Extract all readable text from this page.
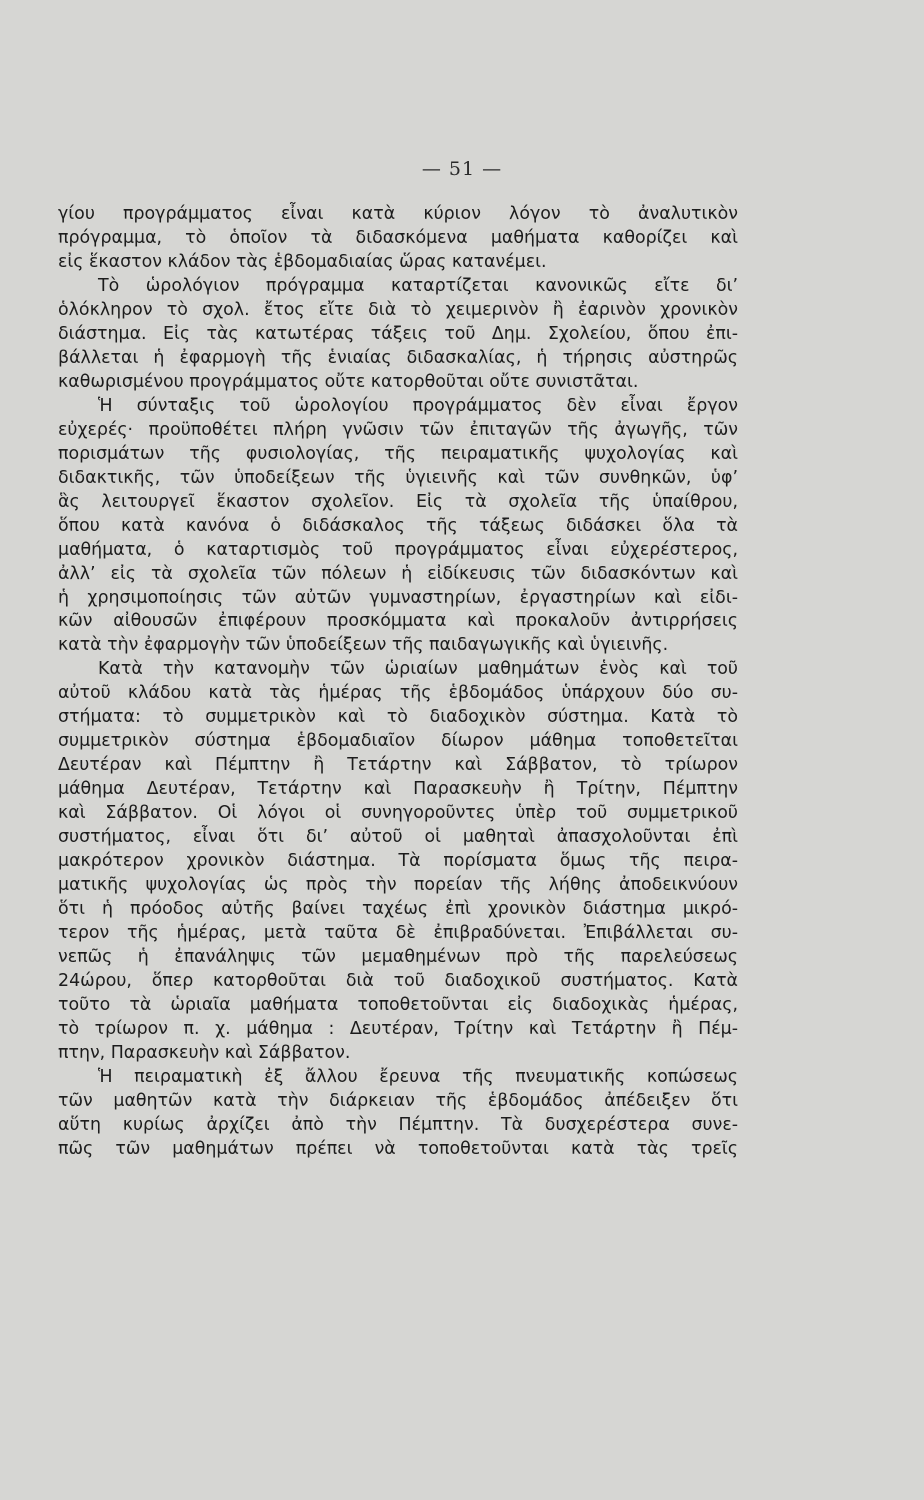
— 51 —
γίου προγράμματος εἶναι κατὰ κύριον λόγον τὸ ἀναλυτικὸν
πρόγραμμα, τὸ ὁποῖον τὰ διδασκόμενα μαθήματα καθορίζει καὶ
εἰς ἕκαστον κλάδον τὰς ἑβδομαδιαίας ὥρας κατανέμει.
Τὸ ὡρολόγιον πρόγραμμα καταρτίζεται κανονικῶς εἴτε δι’
ὁλόκληρον τὸ σχολ. ἔτος εἴτε διὰ τὸ χειμερινὸν ἢ ἐαρινὸν χρονικὸν
διάστημα. Εἰς τὰς κατωτέρας τάξεις τοῦ Δημ. Σχολείου, ὅπου ἐπι-
βάλλεται ἡ ἐφαρμογὴ τῆς ἑνιαίας διδασκαλίας, ἡ τήρησις αὐστηρῶς
καθωρισμένου προγράμματος οὔτε κατορθοῦται οὔτε συνιστᾶται.
Ἡ σύνταξις τοῦ ὡρολογίου προγράμματος δὲν εἶναι ἔργον
εὐχερές· προϋποθέτει πλήρη γνῶσιν τῶν ἐπιταγῶν τῆς ἀγωγῆς, τῶν
πορισμάτων τῆς φυσιολογίας, τῆς πειραματικῆς ψυχολογίας καὶ
διδακτικῆς, τῶν ὑποδείξεων τῆς ὑγιεινῆς καὶ τῶν συνθηκῶν, ὑφ’
ἃς λειτουργεῖ ἕκαστον σχολεῖον. Εἰς τὰ σχολεῖα τῆς ὑπαίθρου,
ὅπου κατὰ κανόνα ὁ διδάσκαλος τῆς τάξεως διδάσκει ὅλα τὰ
μαθήματα, ὁ καταρτισμὸς τοῦ προγράμματος εἶναι εὐχερέστερος,
ἀλλ’ εἰς τὰ σχολεῖα τῶν πόλεων ἡ εἰδίκευσις τῶν διδασκόντων καὶ
ἡ χρησιμοποίησις τῶν αὐτῶν γυμναστηρίων, ἐργαστηρίων καὶ εἰδι-
κῶν αἰθουσῶν ἐπιφέρουν προσκόμματα καὶ προκαλοῦν ἀντιρρήσεις
κατὰ τὴν ἐφαρμογὴν τῶν ὑποδείξεων τῆς παιδαγωγικῆς καὶ ὑγιεινῆς.
Κατὰ τὴν κατανομὴν τῶν ὡριαίων μαθημάτων ἑνὸς καὶ τοῦ
αὐτοῦ κλάδου κατὰ τὰς ἡμέρας τῆς ἑβδομάδος ὑπάρχουν δύο συ-
στήματα: τὸ συμμετρικὸν καὶ τὸ διαδοχικὸν σύστημα. Κατὰ τὸ
συμμετρικὸν σύστημα ἑβδομαδιαῖον δίωρον μάθημα τοποθετεῖται
Δευτέραν καὶ Πέμπτην ἢ Τετάρτην καὶ Σάββατον, τὸ τρίωρον
μάθημα Δευτέραν, Τετάρτην καὶ Παρασκευὴν ἢ Τρίτην, Πέμπτην
καὶ Σάββατον. Οἱ λόγοι οἱ συνηγοροῦντες ὑπὲρ τοῦ συμμετρικοῦ
συστήματος, εἶναι ὅτι δι’ αὐτοῦ οἱ μαθηταὶ ἀπασχολοῦνται ἐπὶ
μακρότερον χρονικὸν διάστημα. Τὰ πορίσματα ὅμως τῆς πειρα-
ματικῆς ψυχολογίας ὡς πρὸς τὴν πορείαν τῆς λήθης ἀποδεικνύουν
ὅτι ἡ πρόοδος αὐτῆς βαίνει ταχέως ἐπὶ χρονικὸν διάστημα μικρό-
τερον τῆς ἡμέρας, μετὰ ταῦτα δὲ ἐπιβραδύνεται. Ἐπιβάλλεται συ-
νεπῶς ἡ ἐπανάληψις τῶν μεμαθημένων πρὸ τῆς παρελεύσεως
24ώρου, ὅπερ κατορθοῦται διὰ τοῦ διαδοχικοῦ συστήματος. Κατὰ
τοῦτο τὰ ὡριαῖα μαθήματα τοποθετοῦνται εἰς διαδοχικὰς ἡμέρας,
τὸ τρίωρον π. χ. μάθημα : Δευτέραν, Τρίτην καὶ Τετάρτην ἢ Πέμ-
πτην, Παρασκευὴν καὶ Σάββατον.
Ἡ πειραματικὴ ἐξ ἄλλου ἔρευνα τῆς πνευματικῆς κοπώσεως
τῶν μαθητῶν κατὰ τὴν διάρκειαν τῆς ἑβδομάδος ἀπέδειξεν ὅτι
αὕτη κυρίως ἀρχίζει ἀπὸ τὴν Πέμπτην. Τὰ δυσχερέστερα συνε-
πῶς τῶν μαθημάτων πρέπει νὰ τοποθετοῦνται κατὰ τὰς τρεῖς
